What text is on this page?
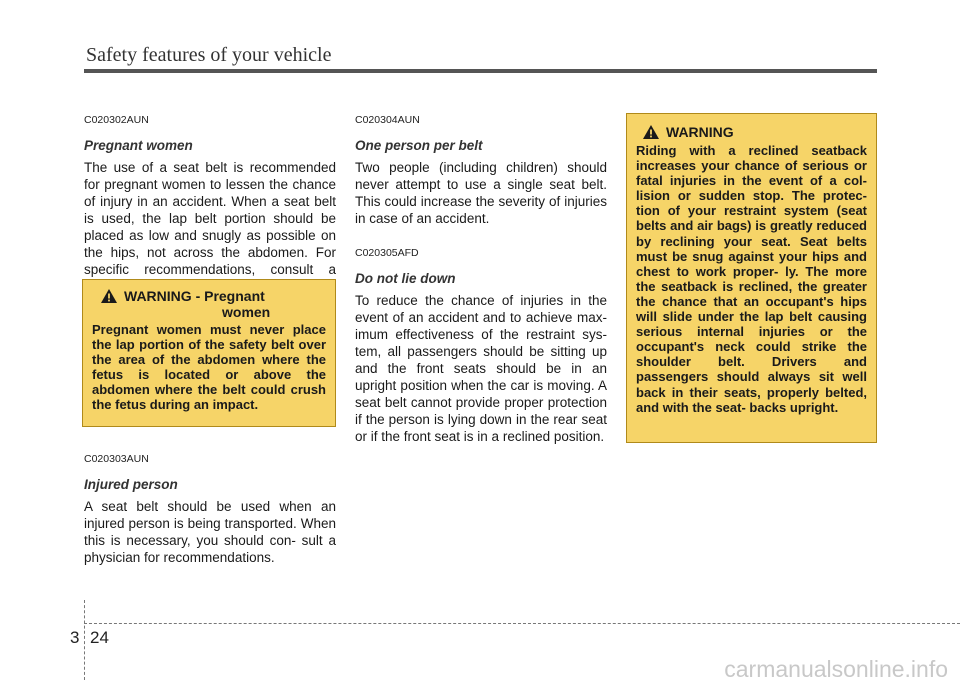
Safety features of your vehicle
C020302AUN
Pregnant women

The use of a seat belt is recommended for pregnant women to lessen the chance of injury in an accident. When a seat belt is used, the lap belt portion should be placed as low and snugly as possible on the hips, not across the abdomen. For specific recommendations, consult a

WARNING - Pregnant
women

Pregnant women must never place the lap portion of the safety belt over the area of the abdomen where the fetus is located or above the abdomen where the belt could crush the fetus during an impact.

C020303AUN
Injured person

A seat belt should be used when an injured person is being transported. When this is necessary, you should con- sult a physician for recommendations.

C020304AUN
One person per belt

Two people (including children) should never attempt to use a single seat belt. This could increase the severity of injuries in case of an accident.

C020305AFD
Do not lie down

To reduce the chance of injuries in the event of an accident and to achieve max- imum effectiveness of the restraint sys- tem, all passengers should be sitting up and the front seats should be in an upright position when the car is moving. A seat belt cannot provide proper protection if the person is lying down in the rear seat or if the front seat is in a reclined position.

WARNING

Riding with a reclined seatback increases your chance of serious or fatal injuries in the event of a col- lision or sudden stop. The protec- tion of your restraint system (seat belts and air bags) is greatly reduced by reclining your seat. Seat belts must be snug against your hips and chest to work proper- ly. The more the seatback is reclined, the greater the chance that an occupant's hips will slide under the lap belt causing serious internal injuries or the occupant's neck could strike the shoulder belt. Drivers and passengers should always sit well back in their seats, properly belted, and with the seat- backs upright.

3 24
carmanualsonline.info
